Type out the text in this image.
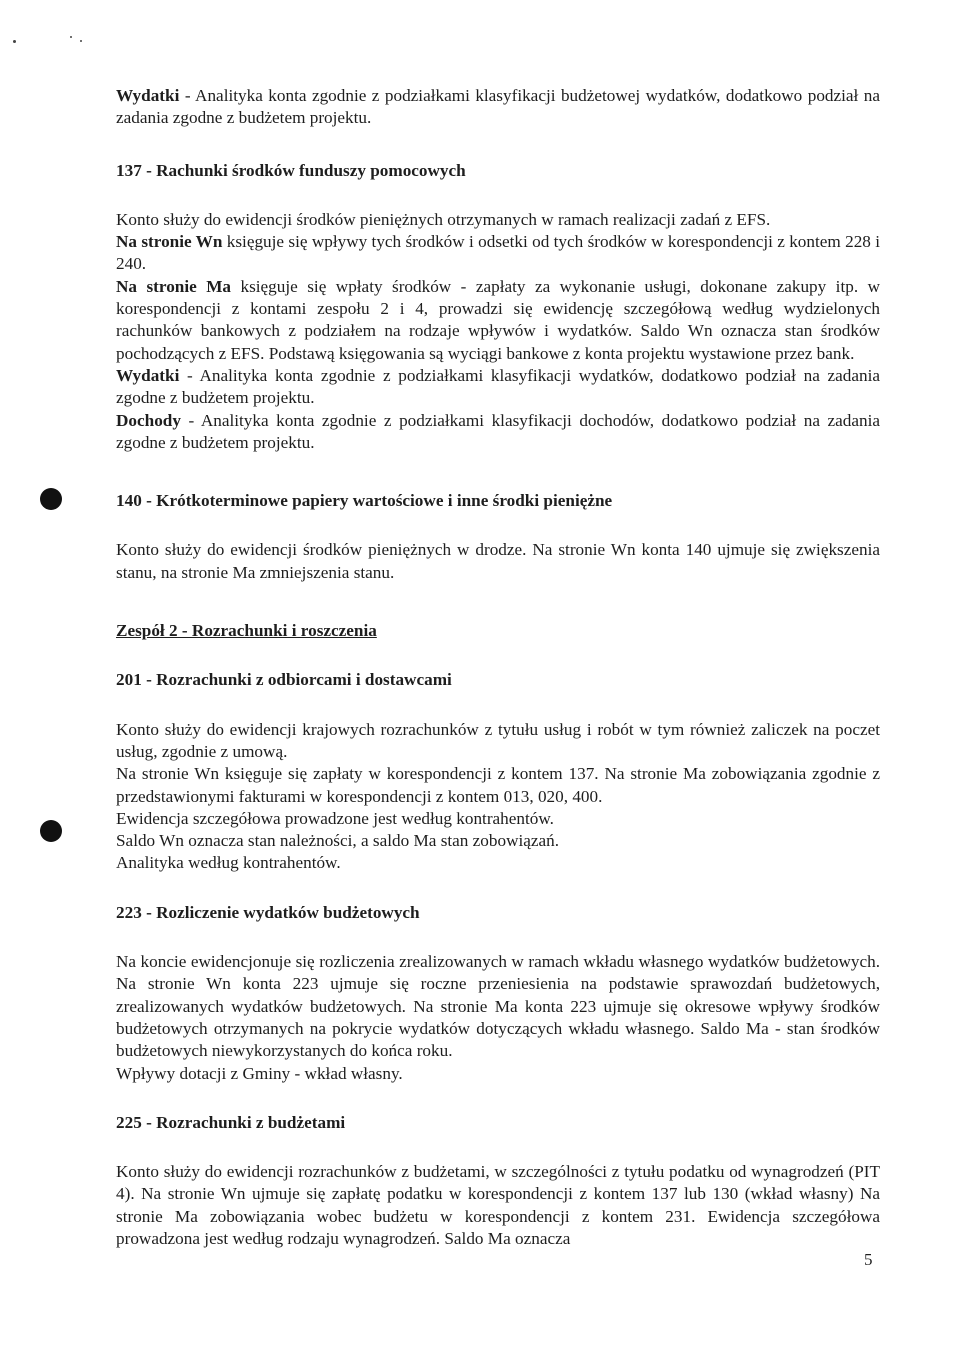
Wydatki - Analityka konta zgodnie z podziałkami klasyfikacji budżetowej wydatków, dodatkowo podział na zadania zgodne z budżetem projektu.

137 - Rachunki środków funduszy pomocowych

Konto służy do ewidencji środków pieniężnych otrzymanych w ramach realizacji zadań z EFS.

Na stronie Wn księguje się wpływy tych środków i odsetki od tych środków w korespondencji z kontem 228 i 240.

Na stronie Ma księguje się wpłaty środków - zapłaty za wykonanie usługi, dokonane zakupy itp. w korespondencji z kontami zespołu 2 i 4, prowadzi się ewidencję szczegółową według wydzielonych rachunków bankowych z podziałem na rodzaje wpływów i wydatków. Saldo Wn oznacza stan środków pochodzących z EFS. Podstawą księgowania są wyciągi bankowe z konta projektu wystawione przez bank.

Wydatki - Analityka konta zgodnie z podziałkami klasyfikacji wydatków, dodatkowo podział na zadania zgodne z budżetem projektu.

Dochody - Analityka konta zgodnie z podziałkami klasyfikacji dochodów, dodatkowo podział na zadania zgodne z budżetem projektu.

140 - Krótkoterminowe papiery wartościowe i inne środki pieniężne

Konto służy do ewidencji środków pieniężnych w drodze. Na stronie Wn konta 140 ujmuje się zwiększenia stanu, na stronie Ma zmniejszenia stanu.

Zespół 2 - Rozrachunki i roszczenia

201 - Rozrachunki z odbiorcami i dostawcami

Konto służy do ewidencji krajowych rozrachunków z tytułu usług i robót w tym również zaliczek na poczet usług, zgodnie z umową.

Na stronie Wn księguje się zapłaty w korespondencji z kontem 137. Na stronie Ma zobowiązania zgodnie z przedstawionymi fakturami w korespondencji z kontem 013, 020, 400.

Ewidencja szczegółowa prowadzone jest według kontrahentów.

Saldo Wn oznacza stan należności, a saldo Ma stan zobowiązań.

Analityka według kontrahentów.

223 - Rozliczenie wydatków budżetowych

Na koncie ewidencjonuje się rozliczenia zrealizowanych w ramach wkładu własnego wydatków budżetowych. Na stronie Wn konta 223 ujmuje się roczne przeniesienia na podstawie sprawozdań budżetowych, zrealizowanych wydatków budżetowych. Na stronie Ma konta 223 ujmuje się okresowe wpływy środków budżetowych otrzymanych na pokrycie wydatków dotyczących wkładu własnego. Saldo Ma - stan środków budżetowych niewykorzystanych do końca roku.

Wpływy dotacji z Gminy - wkład własny.

225 - Rozrachunki z budżetami

Konto służy do ewidencji rozrachunków z budżetami, w szczególności z tytułu podatku od wynagrodzeń (PIT 4). Na stronie Wn ujmuje się zapłatę podatku w korespondencji z kontem 137 lub 130 (wkład własny) Na stronie Ma zobowiązania wobec budżetu w korespondencji z kontem 231. Ewidencja szczegółowa prowadzona jest według rodzaju wynagrodzeń. Saldo Ma oznacza

5
